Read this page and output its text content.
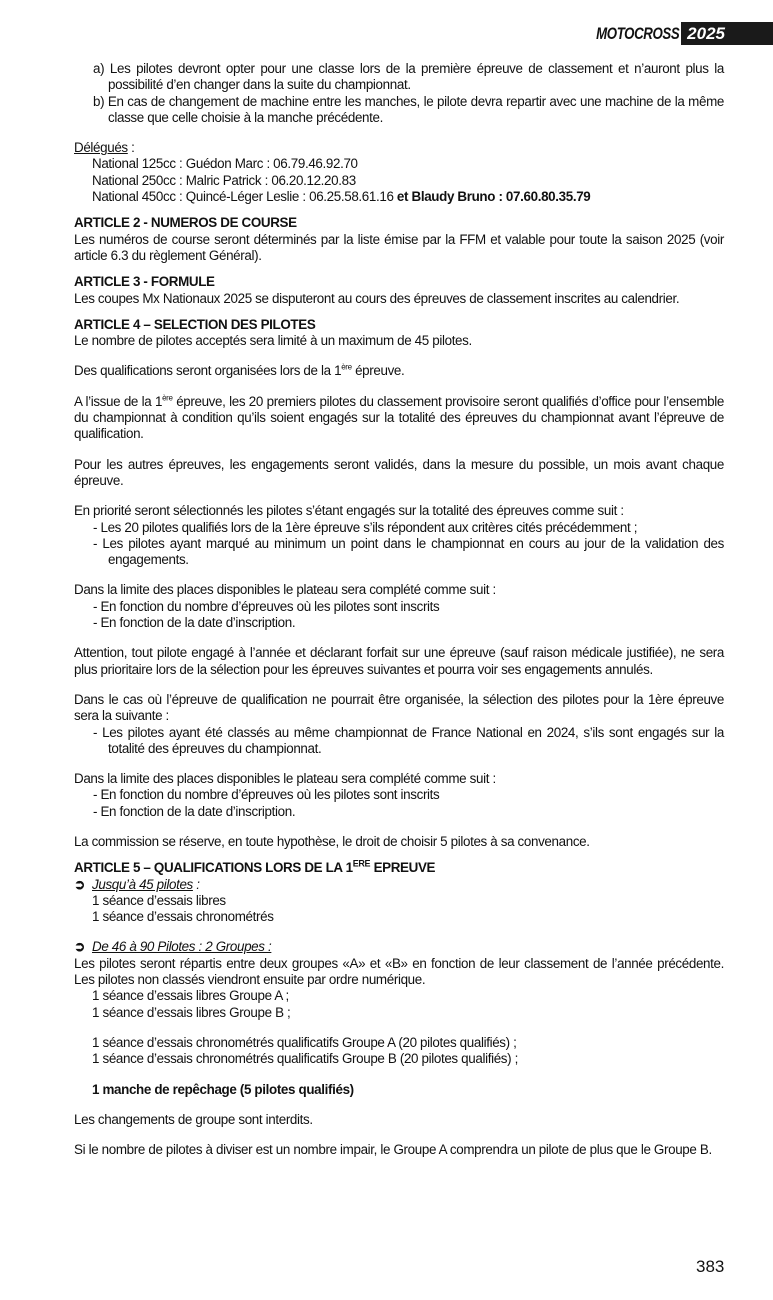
MOTOCROSS 2025

a) Les pilotes devront opter pour une classe lors de la première épreuve de classement et n’auront plus la possibilité d’en changer dans la suite du championnat.

b) En cas de changement de machine entre les manches, le pilote devra repartir avec une machine de la même classe que celle choisie à la manche précédente.

Délégués :

National 125cc : Guédon Marc : 06.79.46.92.70

National 250cc : Malric Patrick : 06.20.12.20.83

National 450cc : Quincé-Léger Leslie : 06.25.58.61.16 et Blaudy Bruno : 07.60.80.35.79

ARTICLE 2 - NUMEROS DE COURSE

Les numéros de course seront déterminés par la liste émise par la FFM et valable pour toute la saison 2025 (voir article 6.3 du règlement Général).

ARTICLE 3 - FORMULE

Les coupes Mx Nationaux 2025 se disputeront au cours des épreuves de classement inscrites au calendrier.

ARTICLE 4 – SELECTION DES PILOTES

Le nombre de pilotes acceptés sera limité à un maximum de 45 pilotes.

Des qualifications seront organisées lors de la 1ère épreuve.

A l’issue de la 1ère épreuve, les 20 premiers pilotes du classement provisoire seront qualifiés d’office pour l’ensemble du championnat à condition qu’ils soient engagés sur la totalité des épreuves du championnat avant l’épreuve de qualification.

Pour les autres épreuves, les engagements seront validés, dans la mesure du possible, un mois avant chaque épreuve.

En priorité seront sélectionnés les pilotes s’étant engagés sur la totalité des épreuves comme suit :

- Les 20 pilotes qualifiés lors de la 1ère épreuve s’ils répondent aux critères cités précédemment ;

- Les pilotes ayant marqué au minimum un point dans le championnat en cours au jour de la validation des engagements.

Dans la limite des places disponibles le plateau sera complété comme suit :

- En fonction du nombre d’épreuves où les pilotes sont inscrits

- En fonction de la date d’inscription.

Attention, tout pilote engagé à l’année et déclarant forfait sur une épreuve (sauf raison médicale justifiée), ne sera plus prioritaire lors de la sélection pour les épreuves suivantes et pourra voir ses engagements annulés.

Dans le cas où l’épreuve de qualification ne pourrait être organisée, la sélection des pilotes pour la 1ère épreuve sera la suivante :

- Les pilotes ayant été classés au même championnat de France National en 2024, s’ils sont engagés sur la totalité des épreuves du championnat.

Dans la limite des places disponibles le plateau sera complété comme suit :

- En fonction du nombre d’épreuves où les pilotes sont inscrits

- En fonction de la date d’inscription.

La commission se réserve, en toute hypothèse, le droit de choisir 5 pilotes à sa convenance.

ARTICLE 5 – QUALIFICATIONS LORS DE LA 1ERE EPREUVE

➲ Jusqu’à 45 pilotes :

1 séance d’essais libres

1 séance d’essais chronométrés

➲ De 46 à 90 Pilotes : 2 Groupes :

Les pilotes seront répartis entre deux groupes «A» et «B» en fonction de leur classement de l’année précédente. Les pilotes non classés viendront ensuite par ordre numérique.

1 séance d’essais libres Groupe A ;

1 séance d’essais libres Groupe B ;

1 séance d’essais chronométrés qualificatifs Groupe A (20 pilotes qualifiés) ;

1 séance d’essais chronométrés qualificatifs Groupe B (20 pilotes qualifiés) ;

1 manche de repêchage (5 pilotes qualifiés)

Les changements de groupe sont interdits.

Si le nombre de pilotes à diviser est un nombre impair, le Groupe A comprendra un pilote de plus que le Groupe B.

383
